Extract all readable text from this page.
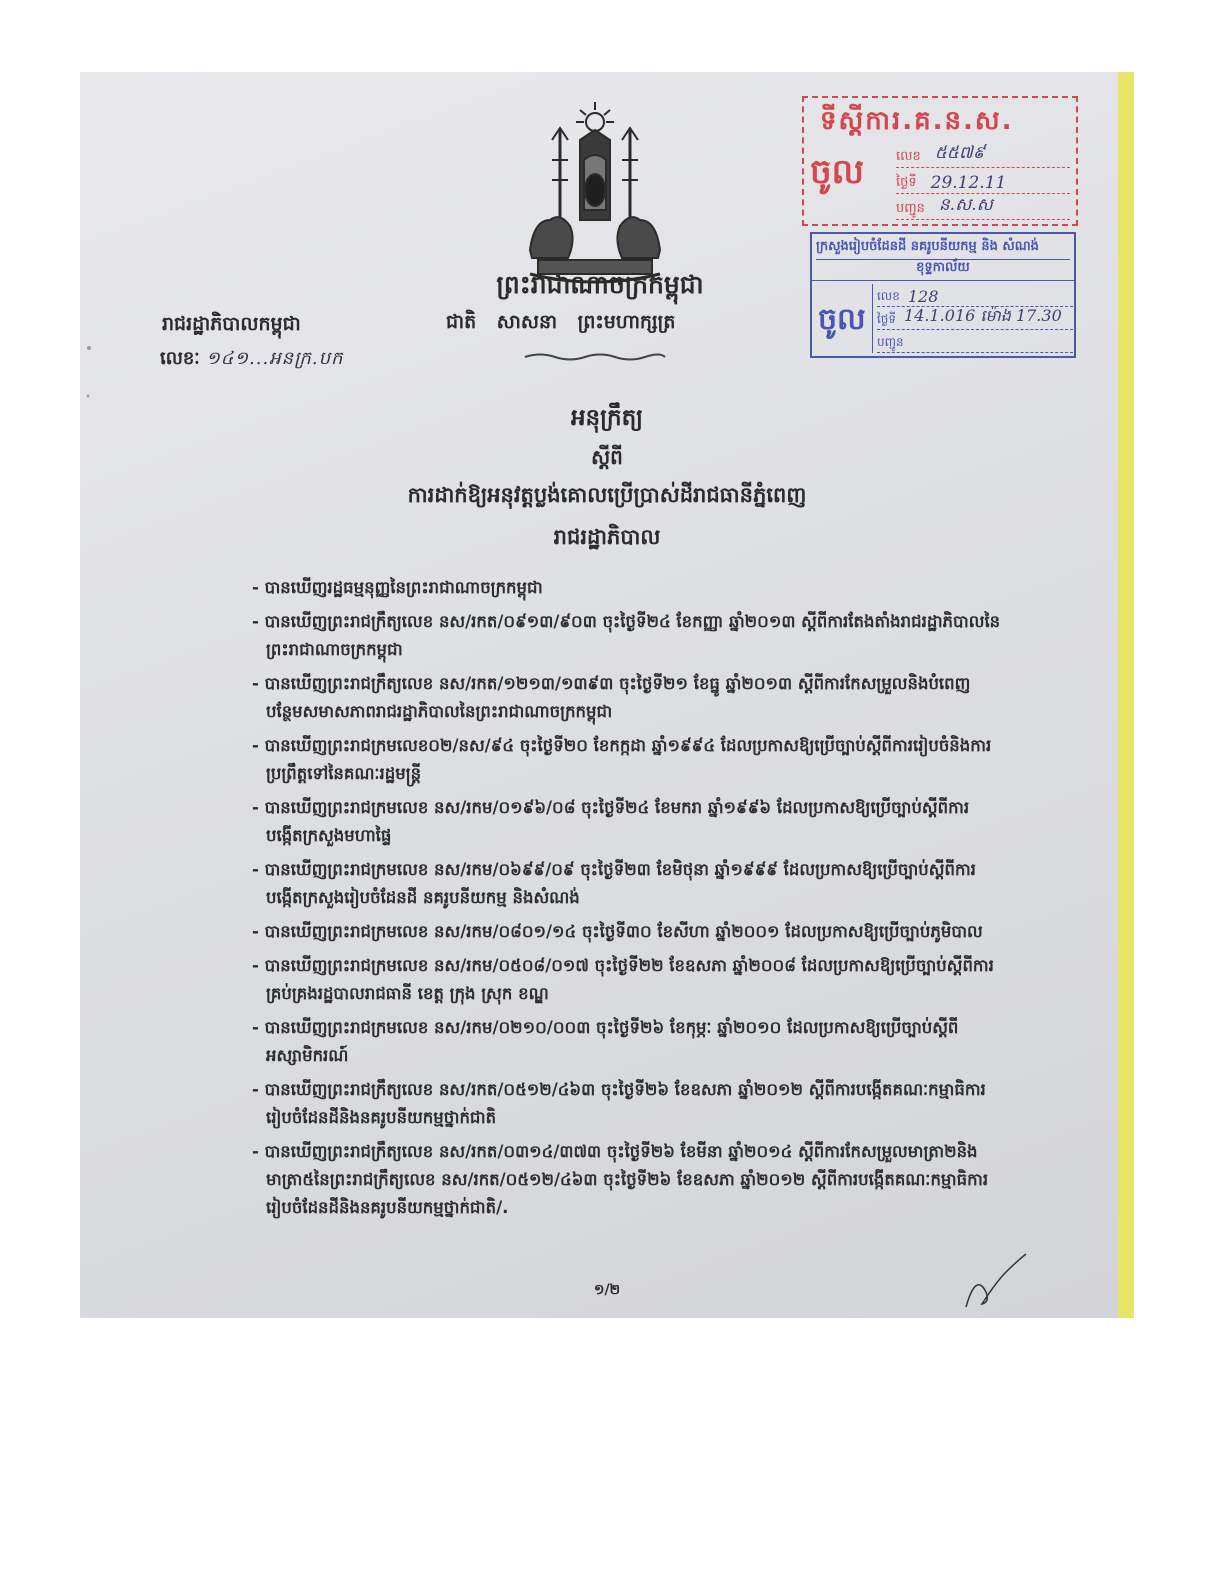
ព្រះរាជាណាចក្រកម្ពុជា
ជាតិ សាសនា ព្រះមហាក្សត្រ
រាជរដ្ឋាភិបាលកម្ពុជា
លេខៈ ១៤១...អនក្រ.បក
ទីស្តីការ.គ.ន.ស.
ចូល លេខ ៥៥៧៩
ថ្ងៃទី 29.12.11
បញ្ជូន ន.ស.ស
ក្រសួងរៀបចំដែនដី នគរូបនីយកម្ម និង សំណង់
ខុទ្ទកាល័យ
ចូល
លេខ 128
ថ្ងៃទី 14.1.016 ម៉ោង 17.30
បញ្ជូន
អនុក្រឹត្យ
ស្តីពី
ការដាក់ឱ្យអនុវត្តប្លង់គោលប្រើប្រាស់ដីរាជធានីភ្នំពេញ
រាជរដ្ឋាភិបាល
- បានឃើញរដ្ឋធម្មនុញ្ញនៃព្រះរាជាណាចក្រកម្ពុជា
- បានឃើញព្រះរាជក្រឹត្យលេខ នស/រកត/០៩១៣/៩០៣ ចុះថ្ងៃទី២៤ ខែកញ្ញា ឆ្នាំ២០១៣ ស្តីពីការតែងតាំងរាជរដ្ឋាភិបាលនៃព្រះរាជាណាចក្រកម្ពុជា
- បានឃើញព្រះរាជក្រឹត្យលេខ នស/រកត/១២១៣/១៣៩៣ ចុះថ្ងៃទី២១ ខែធ្នូ ឆ្នាំ២០១៣ ស្តីពីការកែសម្រួលនិងបំពេញបន្ថែមសមាសភាពរាជរដ្ឋាភិបាលនៃព្រះរាជាណាចក្រកម្ពុជា
- បានឃើញព្រះរាជក្រមលេខ០២/នស/៩៤ ចុះថ្ងៃទី២០ ខែកក្កដា ឆ្នាំ១៩៩៤ ដែលប្រកាសឱ្យប្រើច្បាប់ស្តីពីការរៀបចំនិងការប្រព្រឹត្តទៅនៃគណៈរដ្ឋមន្ត្រី
- បានឃើញព្រះរាជក្រមលេខ នស/រកម/០១៩៦/០៨ ចុះថ្ងៃទី២៤ ខែមករា ឆ្នាំ១៩៩៦ ដែលប្រកាសឱ្យប្រើច្បាប់ស្តីពីការបង្កើតក្រសួងមហាផ្ទៃ
- បានឃើញព្រះរាជក្រមលេខ នស/រកម/០៦៩៩/០៩ ចុះថ្ងៃទី២៣ ខែមិថុនា ឆ្នាំ១៩៩៩ ដែលប្រកាសឱ្យប្រើច្បាប់ស្តីពីការបង្កើតក្រសួងរៀបចំដែនដី នគរូបនីយកម្ម និងសំណង់
- បានឃើញព្រះរាជក្រមលេខ នស/រកម/០៨០១/១៤ ចុះថ្ងៃទី៣០ ខែសីហា ឆ្នាំ២០០១ ដែលប្រកាសឱ្យប្រើច្បាប់ភូមិបាល
- បានឃើញព្រះរាជក្រមលេខ នស/រកម/០៥០៨/០១៧ ចុះថ្ងៃទី២២ ខែឧសភា ឆ្នាំ២០០៨ ដែលប្រកាសឱ្យប្រើច្បាប់ស្តីពីការគ្រប់គ្រងរដ្ឋបាលរាជធានី ខេត្ត ក្រុង ស្រុក ខណ្ឌ
- បានឃើញព្រះរាជក្រមលេខ នស/រកម/០២១០/០០៣ ចុះថ្ងៃទី២៦ ខែកុម្ភៈ ឆ្នាំ២០១០ ដែលប្រកាសឱ្យប្រើច្បាប់ស្តីពីអស្សាមិករណ៍
- បានឃើញព្រះរាជក្រឹត្យលេខ នស/រកត/០៥១២/៤៦៣ ចុះថ្ងៃទី២៦ ខែឧសភា ឆ្នាំ២០១២ ស្តីពីការបង្កើតគណៈកម្មាធិការរៀបចំដែនដីនិងនគរូបនីយកម្មថ្នាក់ជាតិ
- បានឃើញព្រះរាជក្រឹត្យលេខ នស/រកត/០៣១៤/៣៧៣ ចុះថ្ងៃទី២៦ ខែមីនា ឆ្នាំ២០១៤ ស្តីពីការកែសម្រួលមាត្រា២និងមាត្រា៥នៃព្រះរាជក្រឹត្យលេខ នស/រកត/០៥១២/៤៦៣ ចុះថ្ងៃទី២៦ ខែឧសភា ឆ្នាំ២០១២ ស្តីពីការបង្កើតគណៈកម្មាធិការរៀបចំដែនដីនិងនគរូបនីយកម្មថ្នាក់ជាតិ/.
១/២
